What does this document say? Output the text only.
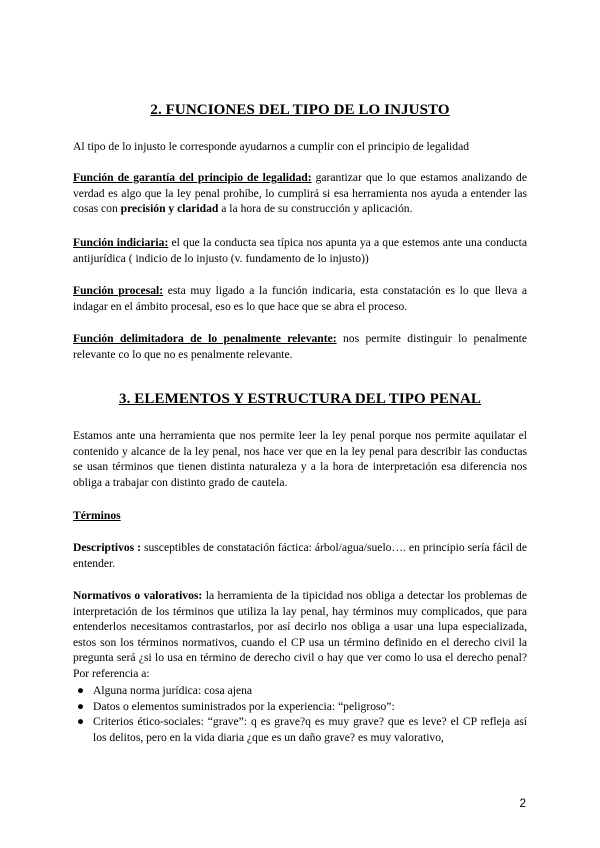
2. FUNCIONES DEL TIPO DE LO INJUSTO

Al tipo de lo injusto le corresponde ayudarnos a cumplir con el principio de legalidad

Función de garantía del principio de legalidad: garantizar que lo que estamos analizando de verdad es algo que la ley penal prohíbe, lo cumplirá si esa herramienta nos ayuda a entender las cosas con precisión y claridad a la hora de su construcción y aplicación.

Función indiciaria: el que la conducta sea típica nos apunta ya a que estemos ante una conducta antijurídica ( indicio de lo injusto (v. fundamento de lo injusto))

Función procesal: esta muy ligado a la función indicaria, esta constatación es lo que lleva a indagar en el ámbito procesal, eso es lo que hace que se abra el proceso.

Función delimitadora de lo penalmente relevante: nos permite distinguir lo penalmente relevante co lo que no es penalmente relevante.

3. ELEMENTOS Y ESTRUCTURA DEL TIPO PENAL

Estamos ante una herramienta que nos permite leer la ley penal porque nos permite aquilatar el contenido y alcance de la ley penal, nos hace ver que en la ley penal para describir las conductas se usan términos que tienen distinta naturaleza y a la hora de interpretación esa diferencia nos obliga a trabajar con distinto grado de cautela.

Términos

Descriptivos : susceptibles de constatación fáctica: árbol/agua/suelo…. en principio sería fácil de entender.

Normativos o valorativos: la herramienta de la tipicidad nos obliga a detectar los problemas de interpretación de los términos que utiliza la lay penal, hay términos muy complicados, que para entenderlos necesitamos contrastarlos, por así decirlo nos obliga a usar una lupa especializada, estos son los términos normativos, cuando el CP usa un término definido en el derecho civil la pregunta será ¿si lo usa en término de derecho civil o hay que ver como lo usa el derecho penal? Por referencia a:

● Alguna norma jurídica: cosa ajena
● Datos o elementos suministrados por la experiencia: “peligroso”:
● Criterios ético-sociales: “grave”: q es grave?q es muy grave? que es leve? el CP refleja así los delitos, pero en la vida diaria ¿que es un daño grave? es muy valorativo,
2
